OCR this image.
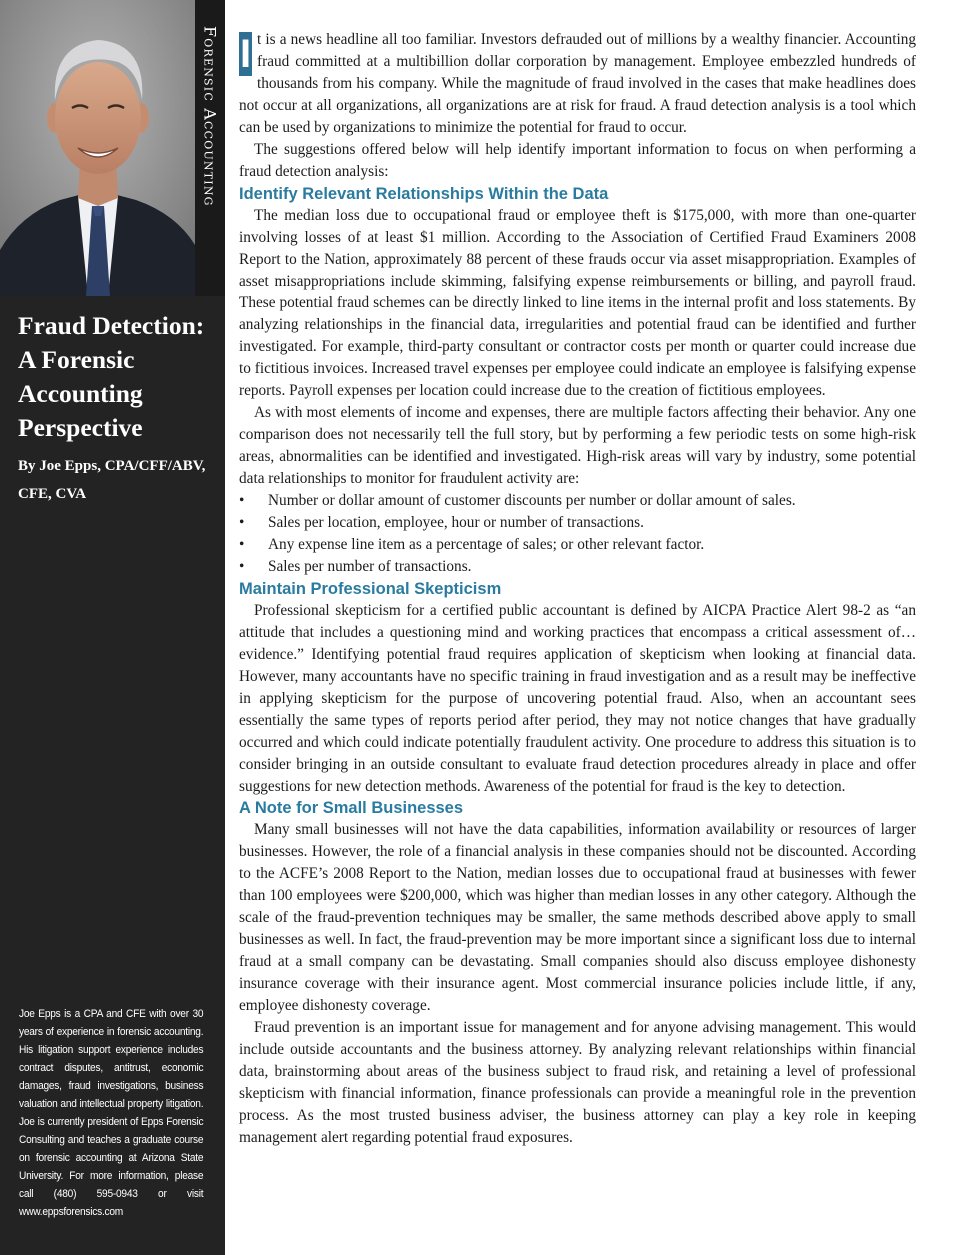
Forensic Accounting
Fraud Detection:
A Forensic
Accounting
Perspective
By Joe Epps, CPA/CFF/ABV,
CFE, CVA

Joe Epps is a CPA and CFE with over 30 years of experience in forensic accounting. His litigation support experience includes contract disputes, antitrust, economic damages, fraud investigations, business valuation and intellectual property litigation. Joe is currently president of Epps Forensic Consulting and teaches a graduate course on forensic accounting at Arizona State University. For more information, please call (480) 595-0943 or visit www.eppsforensics.com

I t is a news headline all too familiar. Investors defrauded out of millions by a wealthy financier. Accounting fraud committed at a multibillion dollar corporation by management. Employee embezzled hundreds of thousands from his company. While the magnitude of fraud involved in the cases that make headlines does not occur at all organizations, all organizations are at risk for fraud. A fraud detection analysis is a tool which can be used by organizations to minimize the potential for fraud to occur.

The suggestions offered below will help identify important information to focus on when performing a fraud detection analysis:

Identify Relevant Relationships Within the Data

The median loss due to occupational fraud or employee theft is $175,000, with more than one-quarter involving losses of at least $1 million. According to the Association of Certified Fraud Examiners 2008 Report to the Nation, approximately 88 percent of these frauds occur via asset misappropriation. Examples of asset misappropriations include skimming, falsifying expense reimbursements or billing, and payroll fraud. These potential fraud schemes can be directly linked to line items in the internal profit and loss statements. By analyzing relationships in the financial data, irregularities and potential fraud can be identified and further investigated. For example, third-party consultant or contractor costs per month or quarter could increase due to fictitious invoices. Increased travel expenses per employee could indicate an employee is falsifying expense reports. Payroll expenses per location could increase due to the creation of fictitious employees.

As with most elements of income and expenses, there are multiple factors affecting their behavior. Any one comparison does not necessarily tell the full story, but by performing a few periodic tests on some high-risk areas, abnormalities can be identified and investigated. High-risk areas will vary by industry, some potential data relationships to monitor for fraudulent activity are:

• Number or dollar amount of customer discounts per number or dollar amount of sales.
• Sales per location, employee, hour or number of transactions.
• Any expense line item as a percentage of sales; or other relevant factor.
• Sales per number of transactions.
Maintain Professional Skepticism

Professional skepticism for a certified public accountant is defined by AICPA Practice Alert 98-2 as “an attitude that includes a questioning mind and working practices that encompass a critical assessment of…evidence.” Identifying potential fraud requires application of skepticism when looking at financial data. However, many accountants have no specific training in fraud investigation and as a result may be ineffective in applying skepticism for the purpose of uncovering potential fraud. Also, when an accountant sees essentially the same types of reports period after period, they may not notice changes that have gradually occurred and which could indicate potentially fraudulent activity. One procedure to address this situation is to consider bringing in an outside consultant to evaluate fraud detection procedures already in place and offer suggestions for new detection methods. Awareness of the potential for fraud is the key to detection.

A Note for Small Businesses

Many small businesses will not have the data capabilities, information availability or resources of larger businesses. However, the role of a financial analysis in these companies should not be discounted. According to the ACFE’s 2008 Report to the Nation, median losses due to occupational fraud at businesses with fewer than 100 employees were $200,000, which was higher than median losses in any other category. Although the scale of the fraud-prevention techniques may be smaller, the same methods described above apply to small businesses as well. In fact, the fraud-prevention may be more important since a significant loss due to internal fraud at a small company can be devastating. Small companies should also discuss employee dishonesty insurance coverage with their insurance agent. Most commercial insurance policies include little, if any, employee dishonesty coverage.

Fraud prevention is an important issue for management and for anyone advising management. This would include outside accountants and the business attorney. By analyzing relevant relationships within financial data, brainstorming about areas of the business subject to fraud risk, and retaining a level of professional skepticism with financial information, finance professionals can provide a meaningful role in the prevention process. As the most trusted business adviser, the business attorney can play a key role in keeping management alert regarding potential fraud exposures.
